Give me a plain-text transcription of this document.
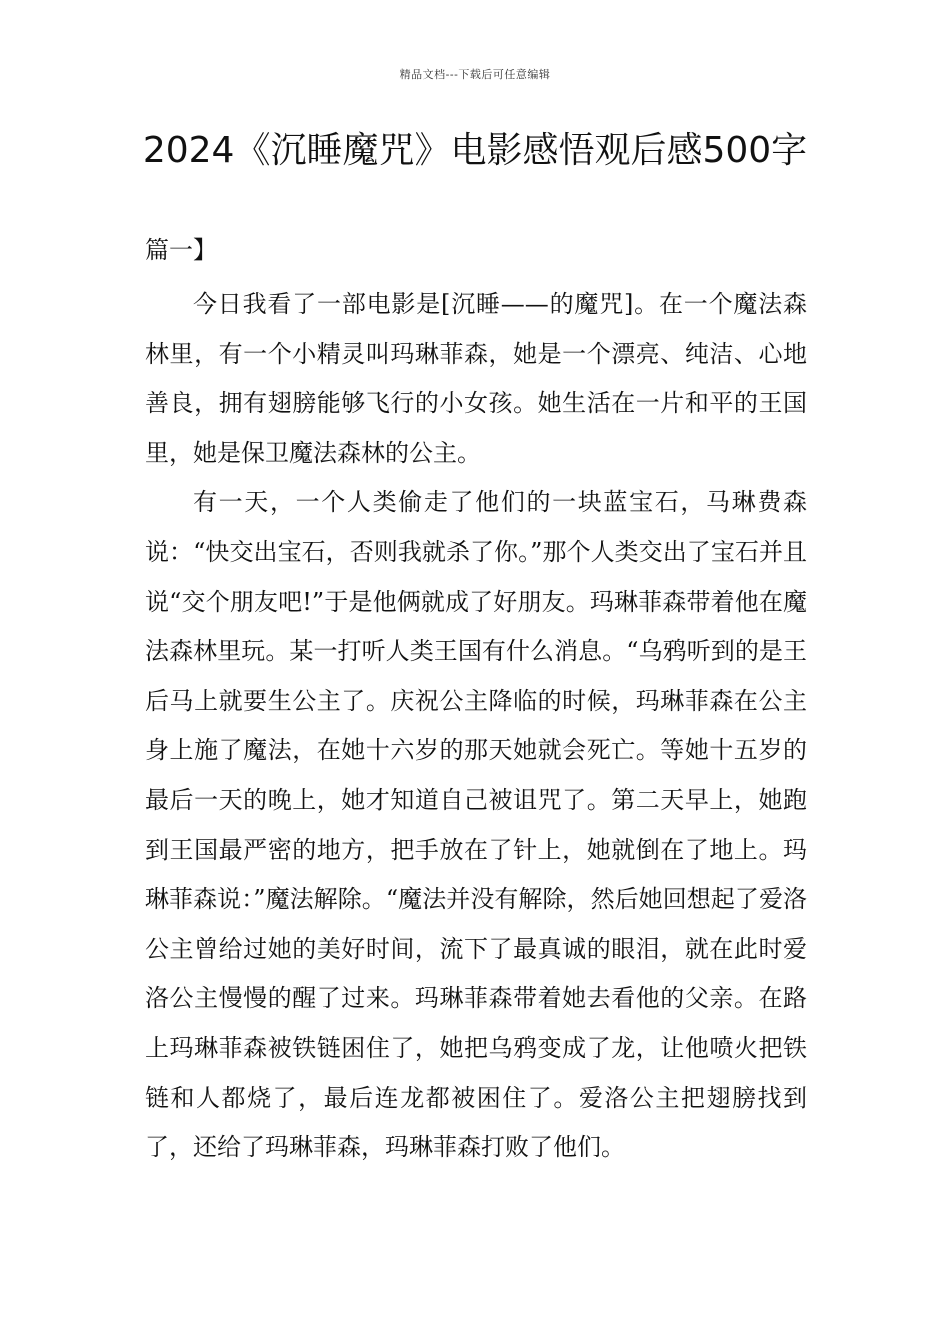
精品文档---下载后可任意编辑
2024《沉睡魔咒》电影感悟观后感500字
篇一】

今日我看了一部电影是[沉睡——的魔咒]。在一个魔法森林里，有一个小精灵叫玛琳菲森，她是一个漂亮、纯洁、心地善良，拥有翅膀能够飞行的小女孩。她生活在一片和平的王国里，她是保卫魔法森林的公主。

有一天，一个人类偷走了他们的一块蓝宝石，马琳费森说：“快交出宝石，否则我就杀了你。”那个人类交出了宝石并且说“交个朋友吧!”于是他俩就成了好朋友。玛琳菲森带着他在魔法森林里玩。某一打听人类王国有什么消息。“乌鸦听到的是王后马上就要生公主了。庆祝公主降临的时候，玛琳菲森在公主身上施了魔法，在她十六岁的那天她就会死亡。等她十五岁的最后一天的晚上，她才知道自己被诅咒了。第二天早上，她跑到王国最严密的地方，把手放在了针上，她就倒在了地上。玛琳菲森说：”魔法解除。“魔法并没有解除，然后她回想起了爱洛公主曾给过她的美好时间，流下了最真诚的眼泪，就在此时爱洛公主慢慢的醒了过来。玛琳菲森带着她去看他的父亲。在路上玛琳菲森被铁链困住了，她把乌鸦变成了龙，让他喷火把铁链和人都烧了，最后连龙都被困住了。爱洛公主把翅膀找到了，还给了玛琳菲森，玛琳菲森打败了他们。
